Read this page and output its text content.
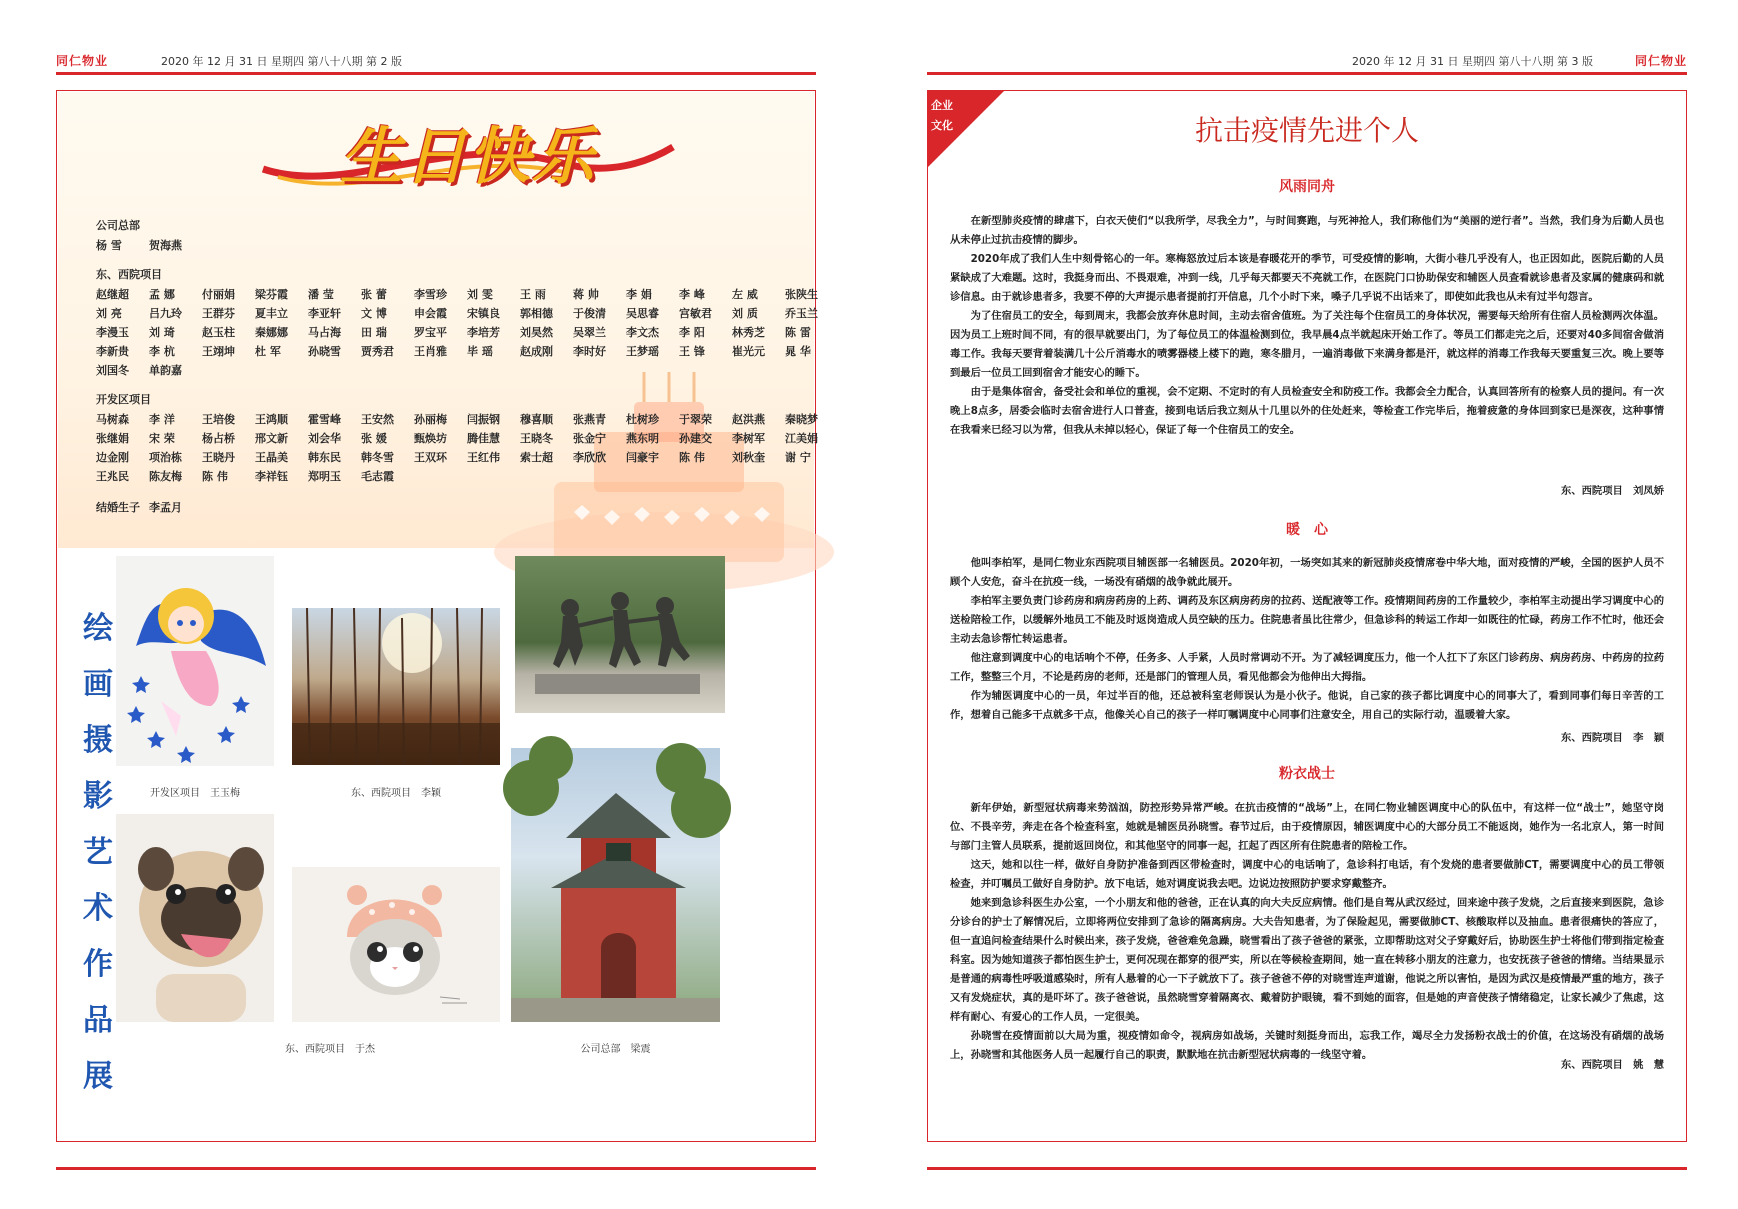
同仁物业	2020 年 12 月 31 日 星期四 第八十八期 第 2 版
生日快乐
公司总部
杨 雪	贺海燕
东、西院项目
赵继超	孟 娜	付丽娟	梁芬霞	潘 莹	张 蕾	李雪珍	刘 雯	王 雨	蒋 帅	李 娟	李 峰	左 威	张陕生
刘 亮	吕九玲	王群芬	夏丰立	李亚轩	文 博	申会霞	宋镇良	郭相德	于俊清	吴思睿	宫敏君	刘 质	乔玉兰
李漫玉	刘 琦	赵玉柱	秦娜娜	马占海	田 瑞	罗宝平	李培芳	刘昊然	吴翠兰	李文杰	李 阳	林秀芝	陈 雷
李新贵	李 杭	王翊坤	杜 军	孙晓雪	贾秀君	王肖雅	毕 瑶	赵成刚	李时好	王梦瑶	王 锋	崔光元	晁 华
刘国冬	单韵嘉
开发区项目
马树森	李 洋	王培俊	王鸿顺	霍雪峰	王安然	孙丽梅	闫振钢	穆喜顺	张燕青	杜树珍	于翠荣	赵洪燕	秦晓梦
张继娟	宋 荣	杨占桥	邢文新	刘会华	张 媛	甄焕坊	腾佳慧	王晓冬	张金宁	燕东明	孙建交	李树军	江美娟
边金刚	项治栋	王晓丹	王晶美	韩东民	韩冬雪	王双环	王红伟	索士超	李欣欣	闫豪宇	陈 伟	刘秋奎	谢 宁
王兆民	陈友梅	陈 伟	李祥钰	郑明玉	毛志霞
结婚生子 李孟月
绘
画
摄
影
艺
术
作
品
展
开发区项目　王玉梅	东、西院项目　李颖
东、西院项目　于杰	公司总部　梁震
2020 年 12 月 31 日 星期四 第八十八期 第 3 版	同仁物业
企业
文化	抗击疫情先进个人
风雨同舟

在新型肺炎疫情的肆虐下，白衣天使们“以我所学，尽我全力”，与时间赛跑，与死神抢人，我们称他们为“美丽的逆行者”。当然，我们身为后勤人员也从未停止过抗击疫情的脚步。

2020年成了我们人生中刻骨铭心的一年。寒梅怒放过后本该是春暖花开的季节，可受疫情的影响，大街小巷几乎没有人，也正因如此，医院后勤的人员紧缺成了大难题。这时，我挺身而出、不畏艰难，冲到一线，几乎每天都要天不亮就工作，在医院门口协助保安和辅医人员查看就诊患者及家属的健康码和就诊信息。由于就诊患者多，我要不停的大声提示患者提前打开信息，几个小时下来，嗓子几乎说不出话来了，即使如此我也从未有过半句怨言。

为了住宿员工的安全，每到周末，我都会放弃休息时间，主动去宿舍值班。为了关注每个住宿员工的身体状况，需要每天给所有住宿人员检测两次体温。因为员工上班时间不同，有的很早就要出门，为了每位员工的体温检测到位，我早晨4点半就起床开始工作了。等员工们都走完之后，还要对40多间宿舍做消毒工作。我每天要背着装满几十公斤消毒水的喷雾器楼上楼下的跑，寒冬腊月，一遍消毒做下来满身都是汗，就这样的消毒工作我每天要重复三次。晚上要等到最后一位员工回到宿舍才能安心的睡下。

由于是集体宿舍，备受社会和单位的重视，会不定期、不定时的有人员检查安全和防疫工作。我都会全力配合，认真回答所有的检察人员的提问。有一次晚上8点多，居委会临时去宿舍进行人口普查，接到电话后我立刻从十几里以外的住处赶来，等检查工作完毕后，拖着疲惫的身体回到家已是深夜，这种事情在我看来已经习以为常，但我从未掉以轻心，保证了每一个住宿员工的安全。

东、西院项目　刘凤娇
暖　心

他叫李柏军，是同仁物业东西院项目辅医部一名辅医员。2020年初，一场突如其来的新冠肺炎疫情席卷中华大地，面对疫情的严峻，全国的医护人员不顾个人安危，奋斗在抗疫一线，一场没有硝烟的战争就此展开。

李柏军主要负责门诊药房和病房药房的上药、调药及东区病房药房的拉药、送配液等工作。疫情期间药房的工作量较少，李柏军主动提出学习调度中心的送检陪检工作，以缓解外地员工不能及时返岗造成人员空缺的压力。住院患者虽比往常少，但急诊科的转运工作却一如既往的忙碌，药房工作不忙时，他还会主动去急诊帮忙转运患者。

他注意到调度中心的电话响个不停，任务多、人手紧，人员时常调动不开。为了减轻调度压力，他一个人扛下了东区门诊药房、病房药房、中药房的拉药工作，整整三个月，不论是药房的老师，还是部门的管理人员，看见他都会为他伸出大拇指。

作为辅医调度中心的一员，年过半百的他，还总被科室老师误认为是小伙子。他说，自己家的孩子都比调度中心的同事大了，看到同事们每日辛苦的工作，想着自己能多干点就多干点，他像关心自己的孩子一样叮嘱调度中心同事们注意安全，用自己的实际行动，温暖着大家。

东、西院项目　李　颖
粉衣战士

新年伊始，新型冠状病毒来势汹汹，防控形势异常严峻。在抗击疫情的“战场”上，在同仁物业辅医调度中心的队伍中，有这样一位“战士”，她坚守岗位、不畏辛劳，奔走在各个检查科室，她就是辅医员孙晓雪。春节过后，由于疫情原因，辅医调度中心的大部分员工不能返岗，她作为一名北京人，第一时间与部门主管人员联系，提前返回岗位，和其他坚守的同事一起，扛起了西区所有住院患者的陪检工作。

这天，她和以往一样，做好自身防护准备到西区带检查时，调度中心的电话响了，急诊科打电话，有个发烧的患者要做肺CT，需要调度中心的员工带领检查，并叮嘱员工做好自身防护。放下电话，她对调度说我去吧。边说边按照防护要求穿戴整齐。

她来到急诊科医生办公室，一个小朋友和他的爸爸，正在认真的向大夫反应病情。他们是自驾从武汉经过，回来途中孩子发烧，之后直接来到医院，急诊分诊台的护士了解情况后，立即将两位安排到了急诊的隔离病房。大夫告知患者，为了保险起见，需要做肺CT、核酸取样以及抽血。患者很痛快的答应了，但一直追问检查结果什么时候出来，孩子发烧，爸爸难免急躁，晓雪看出了孩子爸爸的紧张，立即帮助这对父子穿戴好后，协助医生护士将他们带到指定检查科室。因为她知道孩子都怕医生护士，更何况现在都穿的很严实，所以在等候检查期间，她一直在转移小朋友的注意力，也安抚孩子爸爸的情绪。当结果显示是普通的病毒性呼吸道感染时，所有人悬着的心一下子就放下了。孩子爸爸不停的对晓雪连声道谢，他说之所以害怕，是因为武汉是疫情最严重的地方，孩子又有发烧症状，真的是吓坏了。孩子爸爸说，虽然晓雪穿着隔离衣、戴着防护眼镜，看不到她的面容，但是她的声音使孩子情绪稳定，让家长减少了焦虑，这样有耐心、有爱心的工作人员，一定很美。

孙晓雪在疫情面前以大局为重，视疫情如命令，视病房如战场，关键时刻挺身而出，忘我工作，竭尽全力发扬粉衣战士的价值，在这场没有硝烟的战场上，孙晓雪和其他医务人员一起履行自己的职责，默默地在抗击新型冠状病毒的一线坚守着。

东、西院项目　姚　慧
